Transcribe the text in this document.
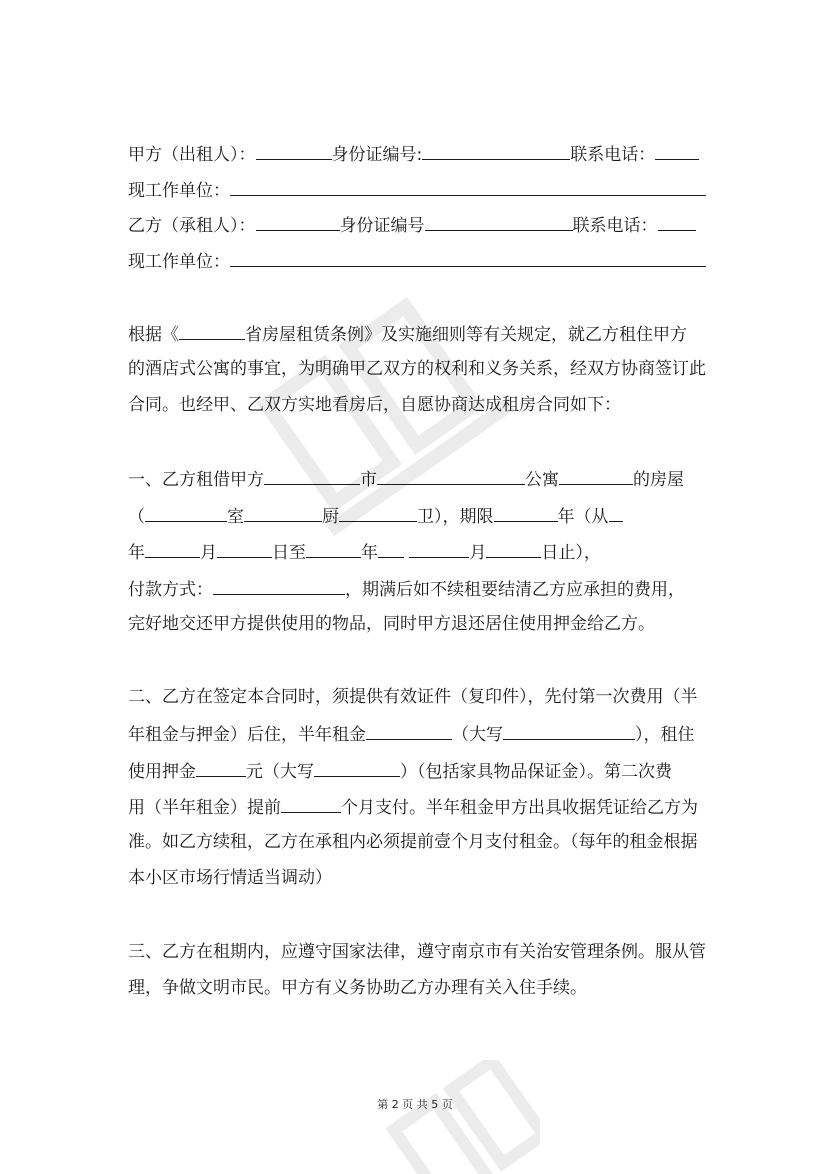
甲方（出租人）：	身份证编号:	联系电话：
现工作单位：
乙方（承租人）：	身份证编号	联系电话：
现工作单位：
根据《	省房屋租赁条例》及实施细则等有关规定，就乙方租住甲方
的酒店式公寓的事宜，为明确甲乙双方的权利和义务关系，经双方协商签订此
合同。也经甲、乙双方实地看房后，自愿协商达成租房合同如下：
一、乙方租借甲方	市	公寓	的房屋
（	室	厨	卫），期限	年（从
年	月	日至	年	月	日止），
付款方式：	，期满后如不续租要结清乙方应承担的费用，
完好地交还甲方提供使用的物品，同时甲方退还居住使用押金给乙方。
二、乙方在签定本合同时，须提供有效证件（复印件），先付第一次费用（半
年租金与押金）后住，半年租金	（大写	），租住
使用押金	元（大写	）（包括家具物品保证金）。第二次费
用（半年租金）提前	个月支付。半年租金甲方出具收据凭证给乙方为
准。如乙方续租，乙方在承租内必须提前壹个月支付租金。（每年的租金根据
本小区市场行情适当调动）
三、乙方在租期内，应遵守国家法律，遵守南京市有关治安管理条例。服从管
理，争做文明市民。甲方有义务协助乙方办理有关入住手续。
第 2 页 共 5 页
